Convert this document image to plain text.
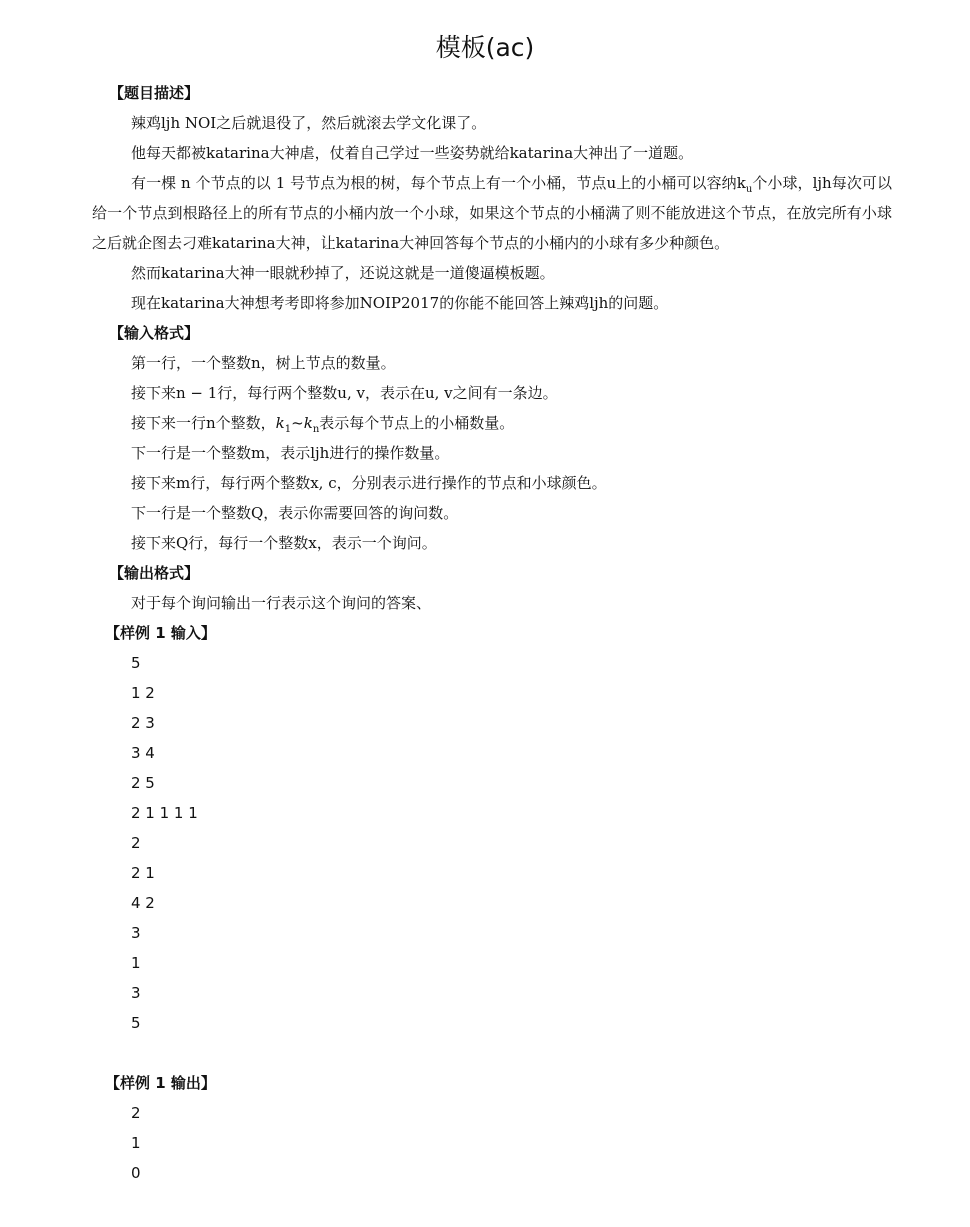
模板(ac)
【题目描述】
辣鸡ljh NOI之后就退役了，然后就滚去学文化课了。
他每天都被katarina大神虐，仗着自己学过一些姿势就给katarina大神出了一道题。
有一棵 n 个节点的以 1 号节点为根的树，每个节点上有一个小桶，节点u上的小桶可以容纳$k_u$个小球，ljh每次可以给一个节点到根路径上的所有节点的小桶内放一个小球，如果这个节点的小桶满了则不能放进这个节点，在放完所有小球之后就企图去刁难katarina大神，让katarina大神回答每个节点的小桶内的小球有多少种颜色。
然而katarina大神一眼就秒掉了，还说这就是一道傻逼模板题。
现在katarina大神想考考即将参加NOIP2017的你能不能回答上辣鸡ljh的问题。
【输入格式】
第一行，一个整数n，树上节点的数量。
接下来n − 1行，每行两个整数u, v，表示在u, v之间有一条边。
接下来一行n个整数，$k_1\sim k_n$表示每个节点上的小桶数量。
下一行是一个整数m，表示ljh进行的操作数量。
接下来m行，每行两个整数x, c，分别表示进行操作的节点和小球颜色。
下一行是一个整数Q，表示你需要回答的询问数。
接下来Q行，每行一个整数x，表示一个询问。
【输出格式】
对于每个询问输出一行表示这个询问的答案、
【样例 1 输入】
5
1 2
2 3
3 4
2 5
2 1 1 1 1
2
2 1
4 2
3
1
3
5
【样例 1 输出】
2
1
0
